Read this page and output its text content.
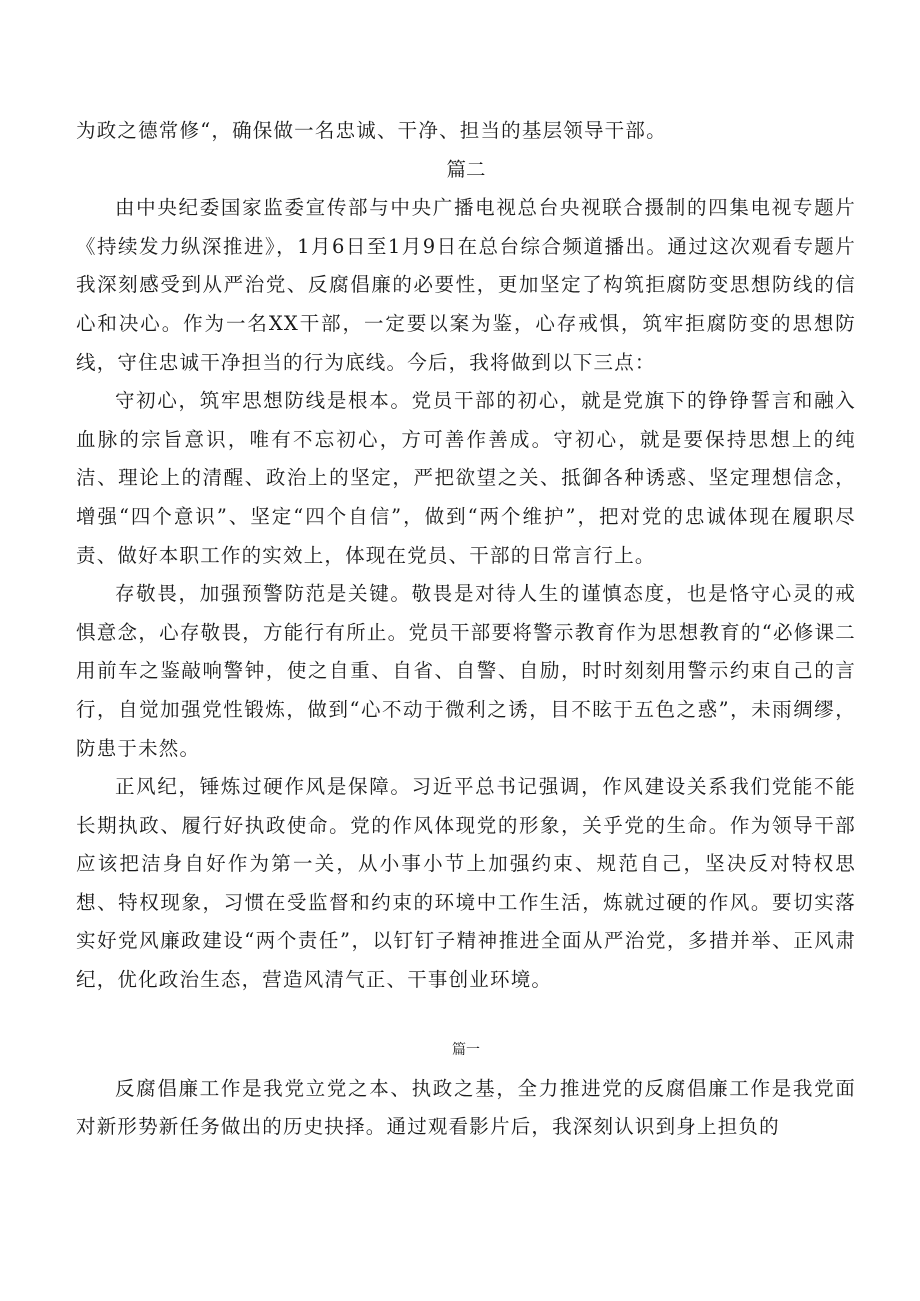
为政之德常修“，确保做一名忠诚、干净、担当的基层领导干部。

篇二

由中央纪委国家监委宣传部与中央广播电视总台央视联合摄制的四集电视专题片《持续发力纵深推进》，1月6日至1月9日在总台综合频道播出。通过这次观看专题片我深刻感受到从严治党、反腐倡廉的必要性，更加坚定了构筑拒腐防变思想防线的信心和决心。作为一名XX干部，一定要以案为鉴，心存戒惧，筑牢拒腐防变的思想防线，守住忠诚干净担当的行为底线。今后，我将做到以下三点：

守初心，筑牢思想防线是根本。党员干部的初心，就是党旗下的铮铮誓言和融入血脉的宗旨意识，唯有不忘初心，方可善作善成。守初心，就是要保持思想上的纯洁、理论上的清醒、政治上的坚定，严把欲望之关、抵御各种诱惑、坚定理想信念，增强“四个意识”、坚定“四个自信”，做到“两个维护”，把对党的忠诚体现在履职尽责、做好本职工作的实效上，体现在党员、干部的日常言行上。

存敬畏，加强预警防范是关键。敬畏是对待人生的谨慎态度，也是恪守心灵的戒惧意念，心存敬畏，方能行有所止。党员干部要将警示教育作为思想教育的“必修课二用前车之鉴敲响警钟，使之自重、自省、自警、自励，时时刻刻用警示约束自己的言行，自觉加强党性锻炼，做到“心不动于微利之诱，目不眩于五色之惑”，未雨绸缪，防患于未然。

正风纪，锤炼过硬作风是保障。习近平总书记强调，作风建设关系我们党能不能长期执政、履行好执政使命。党的作风体现党的形象，关乎党的生命。作为领导干部应该把洁身自好作为第一关，从小事小节上加强约束、规范自己，坚决反对特权思想、特权现象，习惯在受监督和约束的环境中工作生活，炼就过硬的作风。要切实落实好党风廉政建设“两个责任”，以钉钉子精神推进全面从严治党，多措并举、正风肃纪，优化政治生态，营造风清气正、干事创业环境。

篇一

反腐倡廉工作是我党立党之本、执政之基，全力推进党的反腐倡廉工作是我党面对新形势新任务做出的历史抉择。通过观看影片后，我深刻认识到身上担负的
